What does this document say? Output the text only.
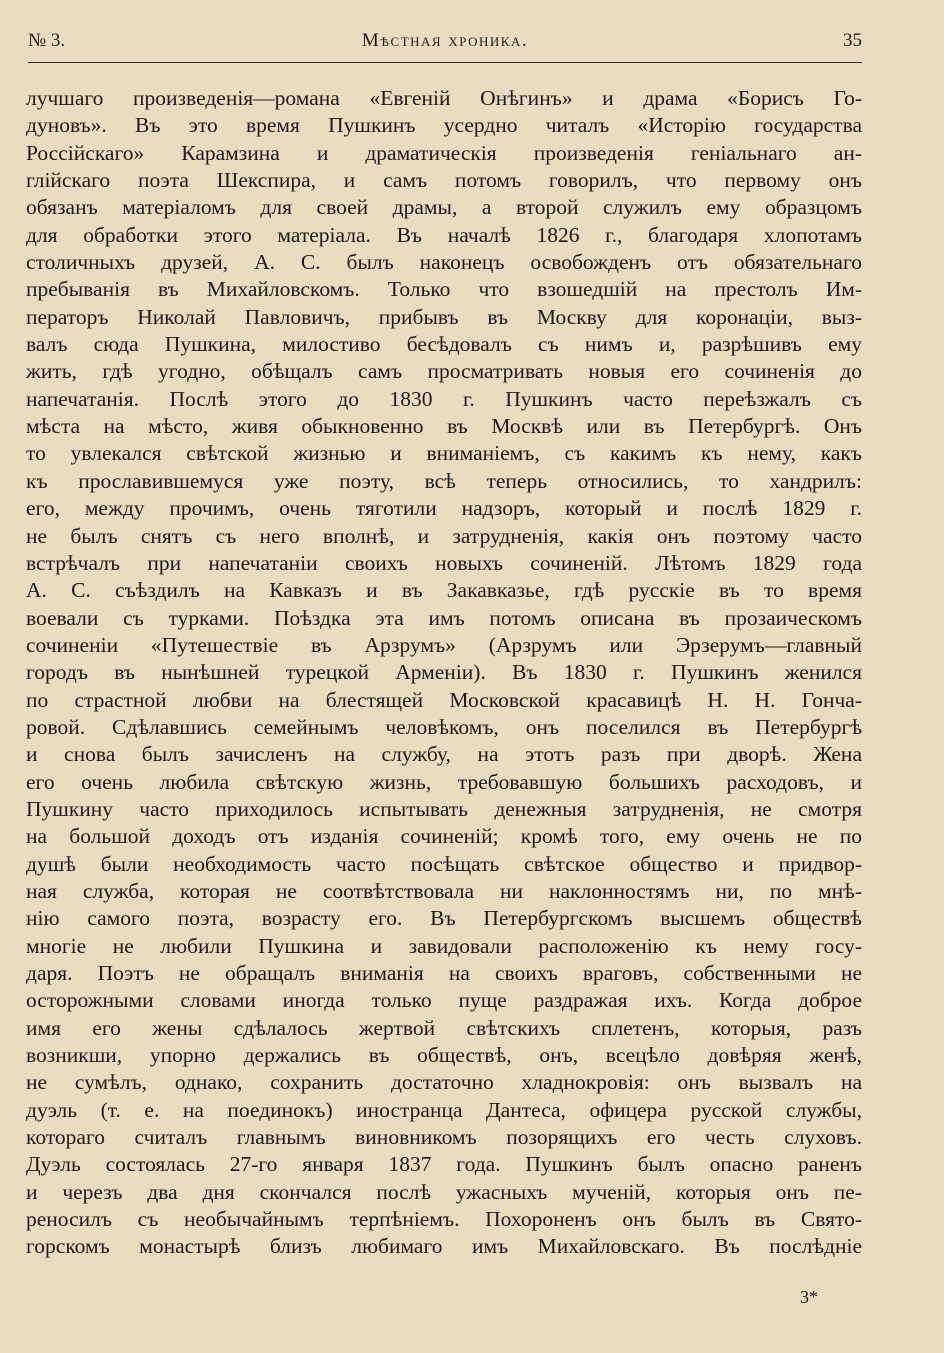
№ 3.	Мѣстная хроника.	35
лучшаго произведенія—романа «Евгеній Онѣгинъ» и драма «Борисъ Го-
дуновъ». Въ это время Пушкинъ усердно читалъ «Исторію государства
Россійскаго» Карамзина и драматическія произведенія геніальнаго ан-
глійскаго поэта Шекспира, и самъ потомъ говорилъ, что первому онъ
обязанъ матеріаломъ для своей драмы, а второй служилъ ему образцомъ
для обработки этого матеріала. Въ началѣ 1826 г., благодаря хлопотамъ
столичныхъ друзей, А. С. былъ наконецъ освобожденъ отъ обязательнаго
пребыванія въ Михайловскомъ. Только что взошедшій на престолъ Им-
ператоръ Николай Павловичъ, прибывъ въ Москву для коронаціи, выз-
валъ сюда Пушкина, милостиво бесѣдовалъ съ нимъ и, разрѣшивъ ему
жить, гдѣ угодно, обѣщалъ самъ просматривать новыя его сочиненія до
напечатанія. Послѣ этого до 1830 г. Пушкинъ часто переѣзжалъ съ
мѣста на мѣсто, живя обыкновенно въ Москвѣ или въ Петербургѣ. Онъ
то увлекался свѣтской жизнью и вниманіемъ, съ какимъ къ нему, какъ
къ прославившемуся уже поэту, всѣ теперь относились, то хандрилъ:
его, между прочимъ, очень тяготили надзоръ, который и послѣ 1829 г.
не былъ снятъ съ него вполнѣ, и затрудненія, какія онъ поэтому часто
встрѣчалъ при напечатаніи своихъ новыхъ сочиненій. Лѣтомъ 1829 года
А. С. съѣздилъ на Кавказъ и въ Закавказье, гдѣ русскіе въ то время
воевали съ турками. Поѣздка эта имъ потомъ описана въ прозаическомъ
сочиненіи «Путешествіе въ Арзрумъ» (Арзрумъ или Эрзерумъ—главный
городъ въ нынѣшней турецкой Арменіи). Въ 1830 г. Пушкинъ женился
по страстной любви на блестящей Московской красавицѣ Н. Н. Гонча-
ровой. Сдѣлавшись семейнымъ человѣкомъ, онъ поселился въ Петербургѣ
и снова былъ зачисленъ на службу, на этотъ разъ при дворѣ. Жена
его очень любила свѣтскую жизнь, требовавшую большихъ расходовъ, и
Пушкину часто приходилось испытывать денежныя затрудненія, не смотря
на большой доходъ отъ изданія сочиненій; кромѣ того, ему очень не по
душѣ были необходимость часто посѣщать свѣтское общество и придвор-
ная служба, которая не соотвѣтствовала ни наклонностямъ ни, по мнѣ-
нію самого поэта, возрасту его. Въ Петербургскомъ высшемъ обществѣ
многіе не любили Пушкина и завидовали расположенію къ нему госу-
даря. Поэтъ не обращалъ вниманія на своихъ враговъ, собственными не
осторожными словами иногда только пуще раздражая ихъ. Когда доброе
имя его жены сдѣлалось жертвой свѣтскихъ сплетенъ, которыя, разъ
возникши, упорно держались въ обществѣ, онъ, всецѣло довѣряя женѣ,
не сумѣлъ, однако, сохранить достаточно хладнокровія: онъ вызвалъ на
дуэль (т. е. на поединокъ) иностранца Дантеса, офицера русской службы,
котораго считалъ главнымъ виновникомъ позорящихъ его честь слуховъ.
Дуэль состоялась 27-го января 1837 года. Пушкинъ былъ опасно раненъ
и черезъ два дня скончался послѣ ужасныхъ мученій, которыя онъ пе-
реносилъ съ необычайнымъ терпѣніемъ. Похороненъ онъ былъ въ Свято-
горскомъ монастырѣ близъ любимаго имъ Михайловскаго. Въ послѣдніе
3*
